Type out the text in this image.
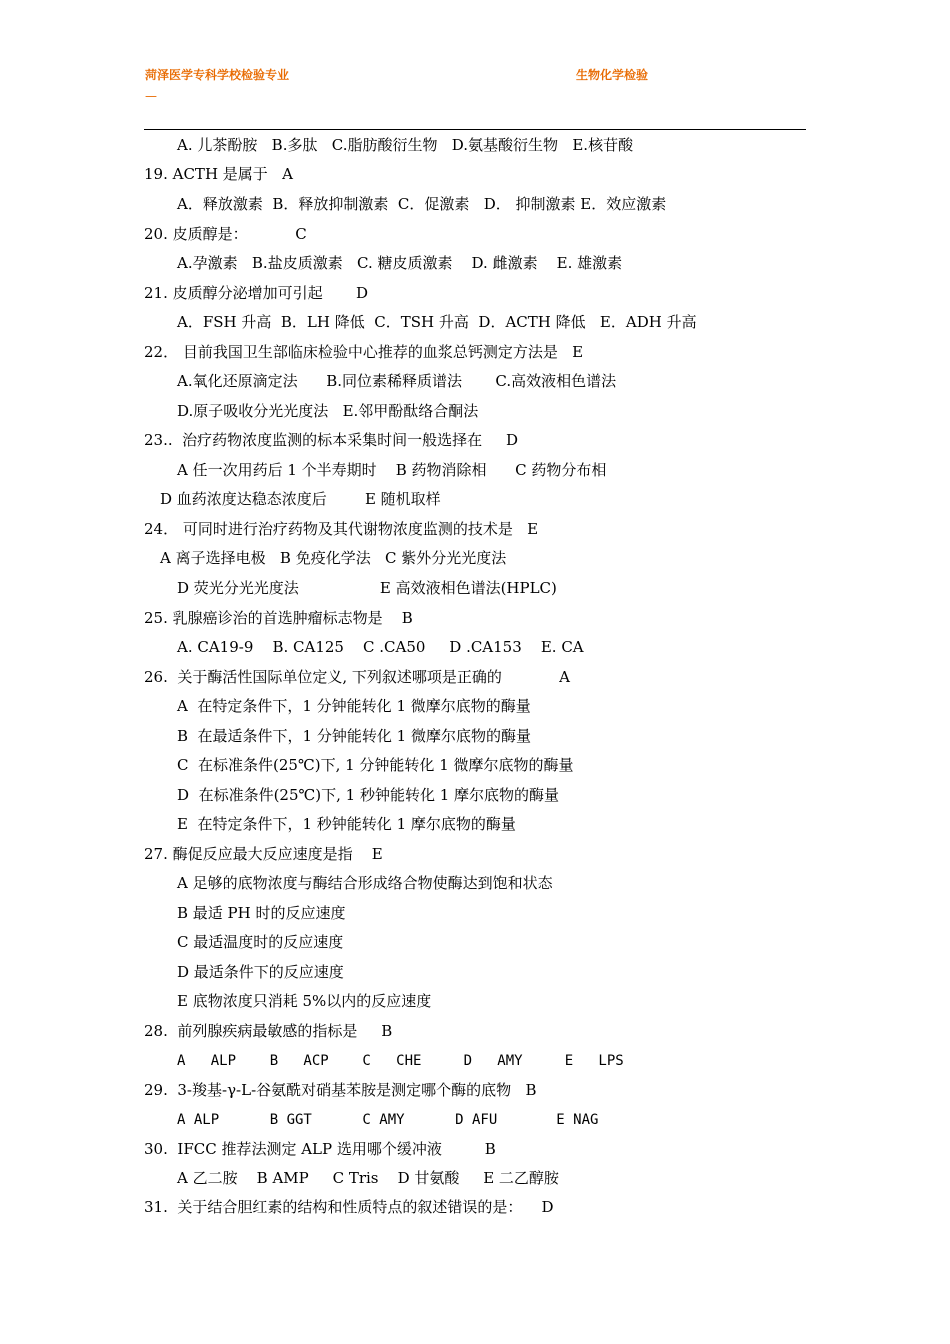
菏泽医学专科学校检验专业	生物化学检验
—
A. 儿茶酚胺   B.多肽   C.脂肪酸衍生物   D.氨基酸衍生物   E.核苷酸
19. ACTH 是属于   A
A．释放激素  B．释放抑制激素  C．促激素   D． 抑制激素 E．效应激素
20. 皮质醇是：          C
A.孕激素   B.盐皮质激素   C. 糖皮质激素    D. 雌激素    E. 雄激素
21. 皮质醇分泌增加可引起       D
A．FSH 升高  B．LH 降低  C．TSH 升高  D．ACTH 降低   E．ADH 升高
22． 目前我国卫生部临床检验中心推荐的血浆总钙测定方法是   E
A.氧化还原滴定法      B.同位素稀释质谱法       C.高效液相色谱法
D.原子吸收分光光度法   E.邻甲酚酞络合酮法
23..  治疗药物浓度监测的标本采集时间一般选择在     D
A 任一次用药后 1 个半寿期时    B 药物消除相      C 药物分布相
D 血药浓度达稳态浓度后        E 随机取样
24． 可同时进行治疗药物及其代谢物浓度监测的技术是   E
A 离子选择电极   B 免疫化学法   C 紫外分光光度法
D 荧光分光光度法                 E 高效液相色谱法(HPLC)
25. 乳腺癌诊治的首选肿瘤标志物是    B
A. CA19-9    B. CA125    C .CA50     D .CA153    E. CA
26.  关于酶活性国际单位定义, 下列叙述哪项是正确的            A
A  在特定条件下，1 分钟能转化 1 微摩尔底物的酶量
B  在最适条件下，1 分钟能转化 1 微摩尔底物的酶量
C  在标准条件(25℃)下, 1 分钟能转化 1 微摩尔底物的酶量
D  在标准条件(25℃)下, 1 秒钟能转化 1 摩尔底物的酶量
E  在特定条件下，1 秒钟能转化 1 摩尔底物的酶量
27. 酶促反应最大反应速度是指    E
A 足够的底物浓度与酶结合形成络合物使酶达到饱和状态
B 最适 PH 时的反应速度
C 最适温度时的反应速度
D 最适条件下的反应速度
E 底物浓度只消耗 5%以内的反应速度
28.  前列腺疾病最敏感的指标是     B
A   ALP    B   ACP    C   CHE     D   AMY     E   LPS
29.  3-羧基-γ-L-谷氨酰对硝基苯胺是测定哪个酶的底物   B
A ALP      B GGT      C AMY      D AFU       E NAG
30.  IFCC 推荐法测定 ALP 选用哪个缓冲液         B
A 乙二胺    B AMP     C Tris    D 甘氨酸     E 二乙醇胺
31.  关于结合胆红素的结构和性质特点的叙述错误的是：    D
